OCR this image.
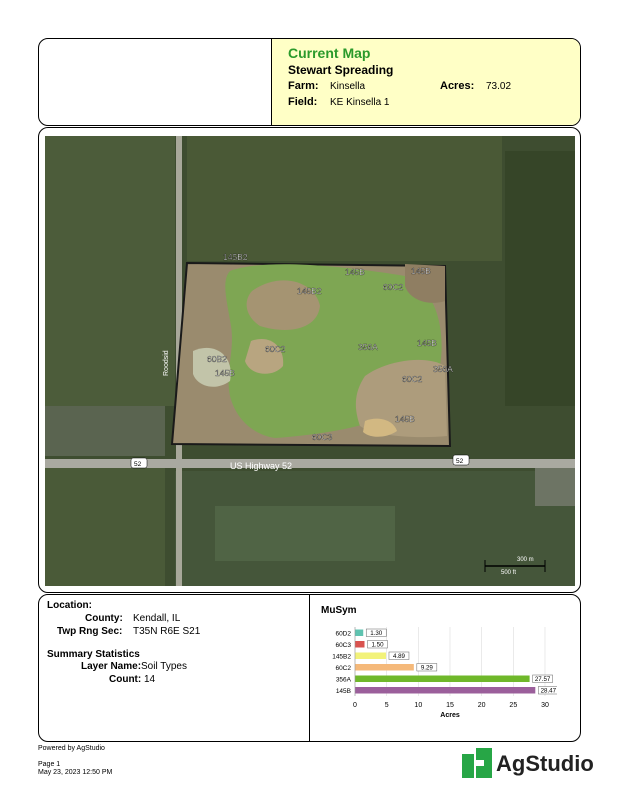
Current Map
Stewart Spreading
Farm: Kinsella	Acres: 73.02
Field: KE Kinsella 1
145B2
145B2
145B	145B
60C2
60B2
145B
60C2	356A	145B
60C2
356A
145B
60C3
Roodsid
US Highway 52
52	52
300 m
500 ft
Location:
County: Kendall, IL
Twp Rng Sec: T35N R6E S21
Summary Statistics
Layer Name: Soil Types
Count: 14
MuSym
0	5	10	15	20	25	30
60D2	1.30
60C3	1.50
145B2	4.89
60C2	9.29
356A	27.57
145B	28.47
Acres
Powered by AgStudio
Page 1
May 23, 2023 12:50 PM	AgStudio
